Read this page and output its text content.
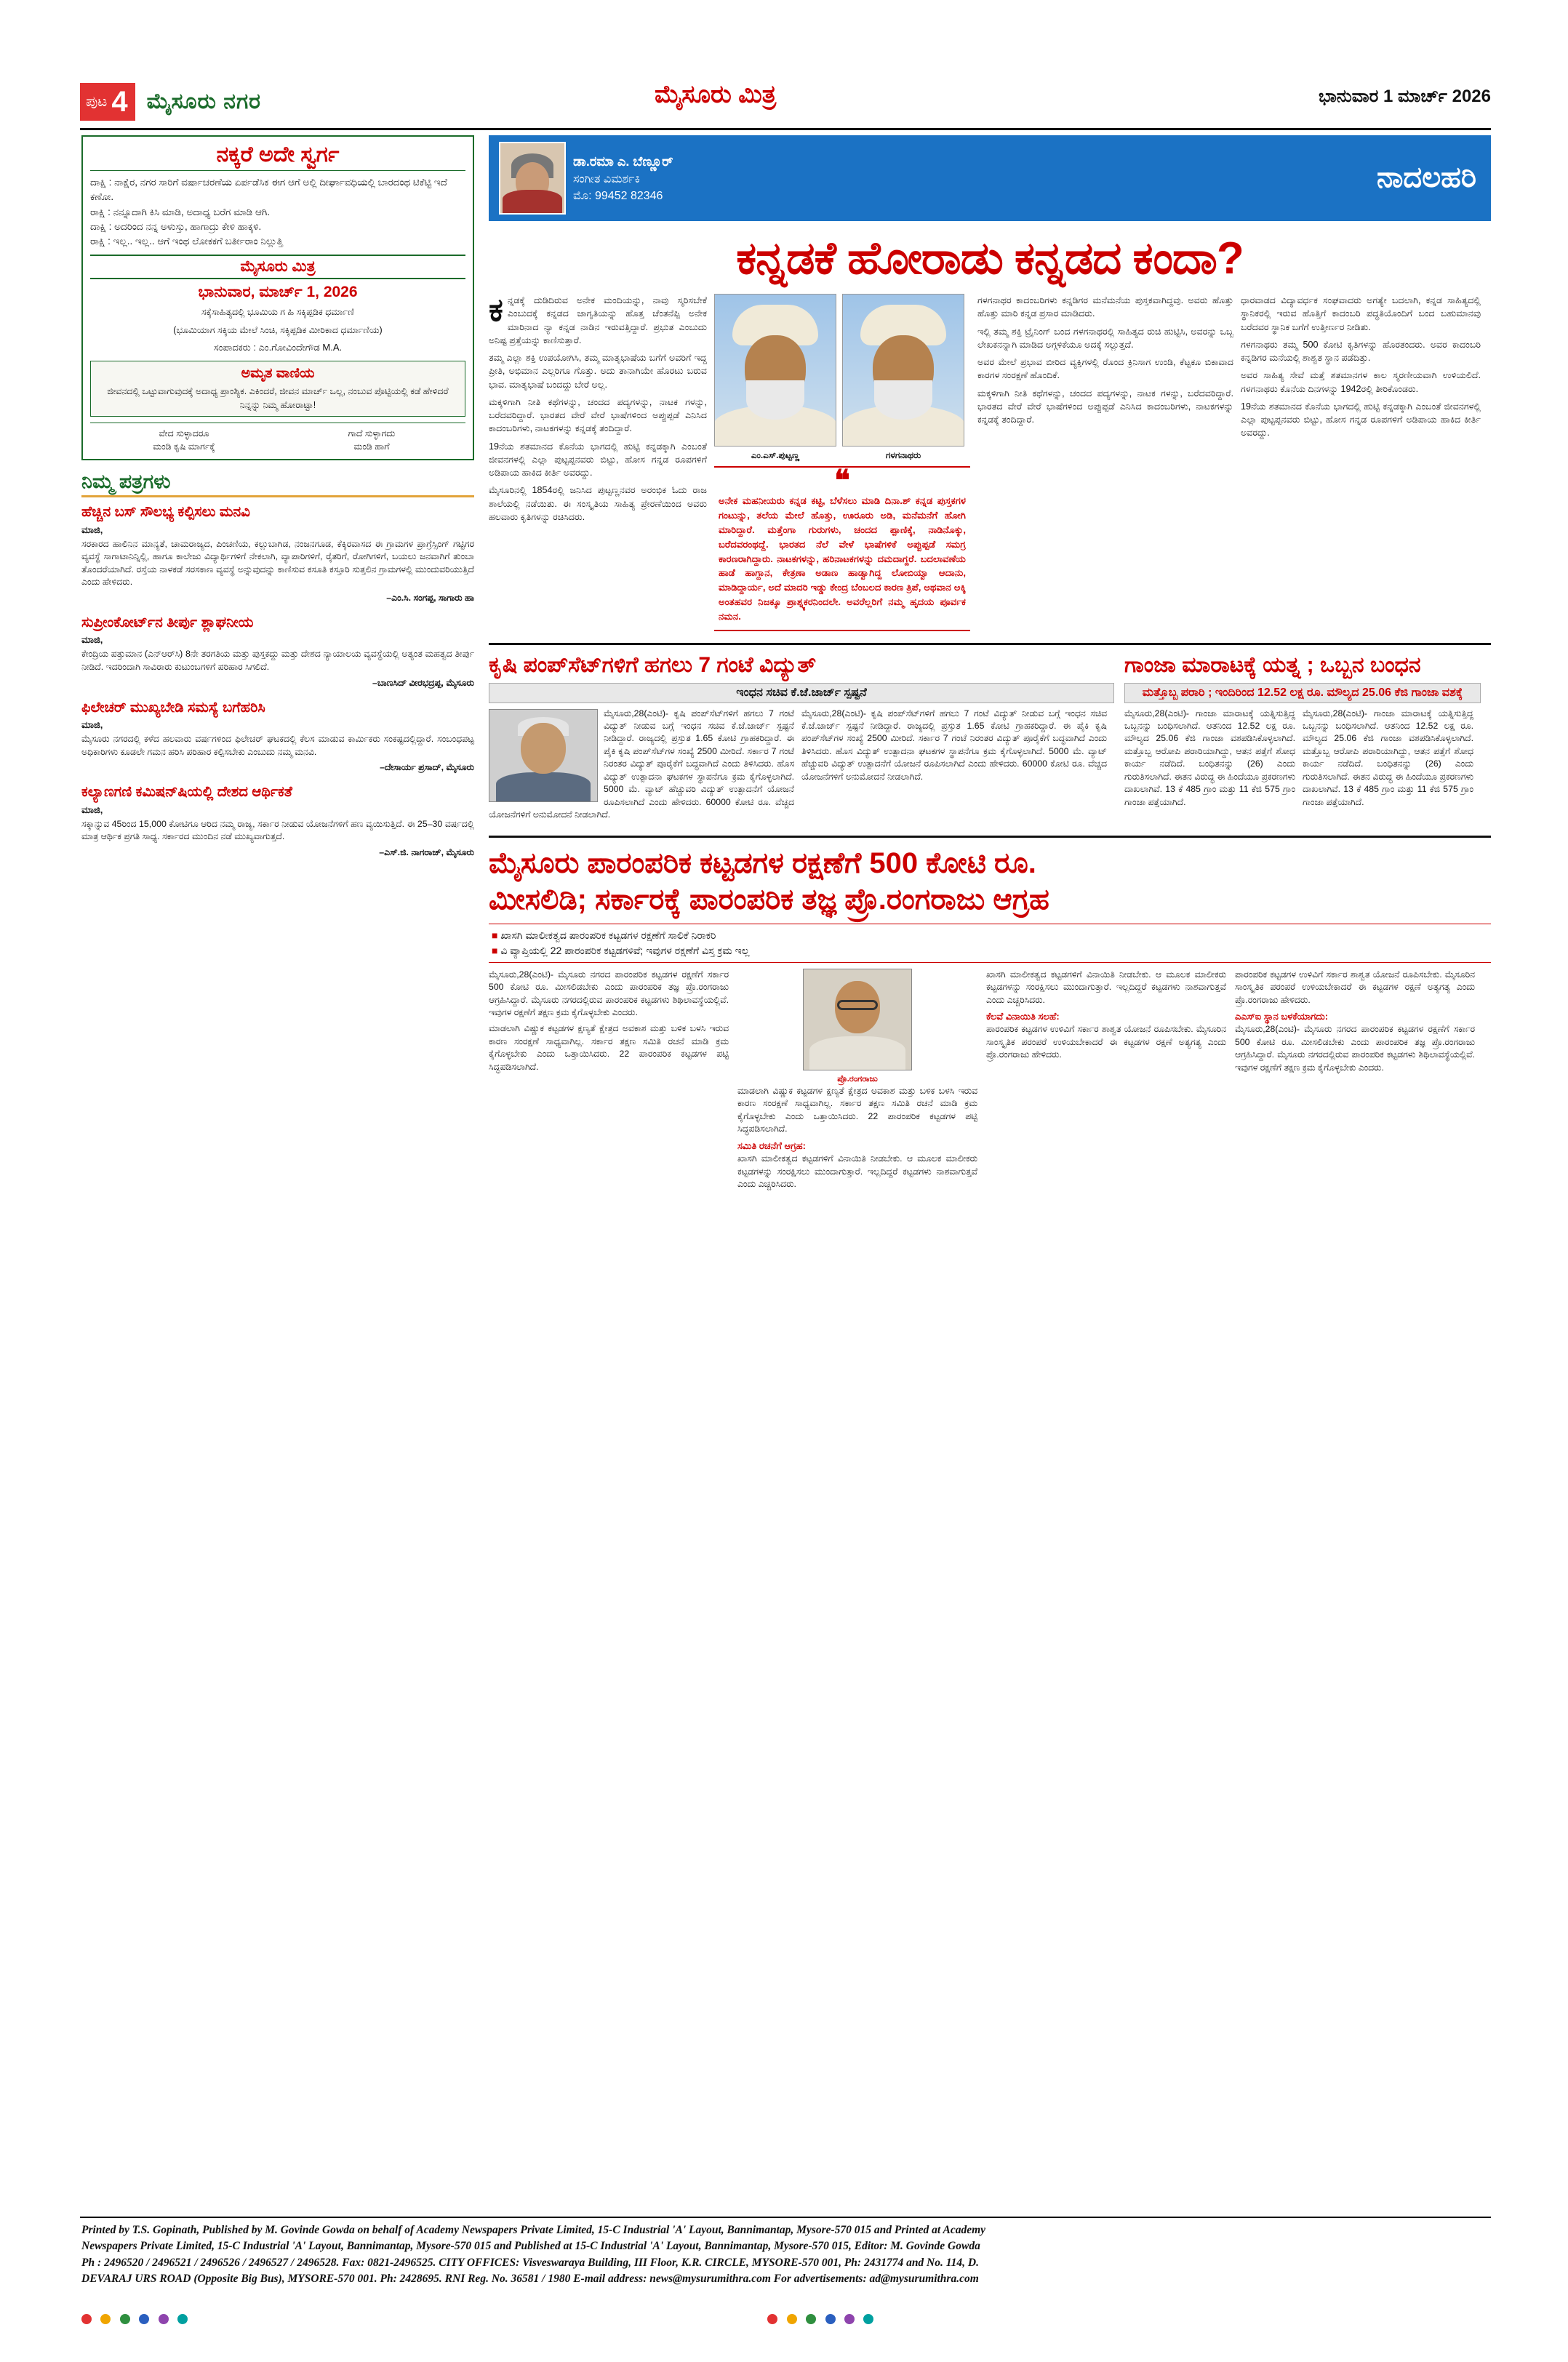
ಪುಟ 4 ಮೈಸೂರು ನಗರ	ಮೈಸೂರು ಮಿತ್ರ	ಭಾನುವಾರ 1 ಮಾರ್ಚ್ 2026
ನಕ್ಕರೆ ಅದೇ ಸ್ವರ್ಗ
ದಾಕ್ಷಿ : ನಾಕ್ಷೆರ, ನಗರ ಸಾರಿಗೆ ವರ್ಷಾಚರಣೆಯ ಏರ್ಪಡೆಸಿಕ ಈಗ ಆಗೆ ಅಲ್ಲಿ ದೀರ್ಘಾವಧಿಯಲ್ಲಿ ಬಾರದಂಥ ಟಿಕೆಟ್ಟಿ ಇದೆ ಕಣೋ.
ರಾಕ್ಷಿ : ನನ್ನೂದಾಗಿ ಕಿಸಿ ಮಾಡಿ, ಅದಾಧ್ಯ ಬರೆಗ ಮಾಡಿ ಆಗಿ.
ದಾಕ್ಷಿ : ಅದರಿಂದ ನನ್ನ ಅಳುಸ್ತು, ಹಾಗಾದ್ರು ಕೇಳಿ ಹಾಕ್ಕಳಿ.
ರಾಕ್ಷಿ : ಇಲ್ಲ.. ಇಲ್ಲ.. ಆಗೆ ಇಂಥ ಲೋಕಕಗೆ ಬರ್ತೀರಾಂ ನಿಲ್ಲುತ್ತಿ
ಮೈಸೂರು ಮಿತ್ರ
ಭಾನುವಾರ, ಮಾರ್ಚ್ 1, 2026
ಸಕ್ಕೆಸಾಹಿತ್ಯದಲ್ಲಿ ಭೂಮಿಯ ಗ ಹಿ ಸಕ್ಕಿಪ್ಪಡಿಕ ಧರ್ಮಾಣಿ
(ಭೂಮಿಯಾಗ ಸಕ್ಕಿಯ ಮೇಲೆ ಸಿಂಚಿ, ಸಕ್ಕಿಪ್ಪಡಿಕ ಮೀರಿಕಾದ ಧರ್ಮಾಣಿಯ)
ಸಂಪಾದಕರು : ಎಂ.ಗೋವಿಂದೇಗೌಡ M.A.
ಅಮೃತ ವಾಣಿಯ
ಜೀವನದಲ್ಲಿ ಒಟ್ಟುವಾಗುವುದಕ್ಕೆ ಅದಾಧ್ಯ ಪ್ರಾಂಶ್ಯಿಕ. ಎಕಿಂದರೆ, ಜೀವನ ಮಾರ್ಚ್ ಒಲ್ಲ, ನಂಬುವ ಪೊಟ್ಟಿಯಲ್ಲಿ ಕಡೆ ಹೇಳಿದರೆ ನಿನ್ನನ್ನು ನಿಮ್ಮ ಹೋರಾಟ್ಟಾ!
ವೇದ ಸುಳ್ಳಾದರೂ
ಮಂಡಿ ಕೃಷಿ ಮಾರ್ಗಕ್ಕೆ
ಗಾದೆ ಸುಳ್ಳಾಗದು
ಮಂಡಿ ಹಾಗೆ
ನಿಮ್ಮ ಪತ್ರಗಳು
ಹೆಚ್ಚಿನ ಬಸ್ ಸೌಲಭ್ಯ ಕಲ್ಪಿಸಲು ಮನವಿ
ಮಾಜಿ,

ಸರಕಾರದ ಹಾಲಿನಿನ ಮಾನ್ಯತೆ, ಚಾಮರಾಜ್ಯದ, ಪಿಂಚಣಿಯ, ಕಲ್ಲುಬಾಗಿಡ, ನಂಜನಗೂಡ, ಕೆಕ್ಕಿರವಾಸದ ಈ ಗ್ರಾಮಗಳ ಪ್ರಾಗ್ರೆಸ್ಸಿಂಗ್ ಗಟ್ಟಿಗರ ವ್ಯವಸ್ಥೆ ಸಾಗಾಟಾನಿನ್ನಿಲ್ಲಿ, ಹಾಗೂ ಕಾಲೇಜು ವಿದ್ಯಾರ್ಥಿಗಳಿಗೆ ನೇಕಲಾಗಿ, ವ್ಯಾಪಾರಿಗಳಿಗೆ, ರೈತರಿಗೆ, ರೋಗಿಗಳಿಗೆ, ಬಯಲು ಜನವಾಗಿಗೆ ತುಂಬಾ ತೊಂದರೆಯಾಗಿದೆ. ರಸ್ತೆಯ ನಾಳಕಡೆ ಸರಸಕಾಣ ವ್ಯವಸ್ಥೆ ಅನ್ನುವುದನ್ನು ಕಾಣಿಸುವ ಕಸೂತಿ ಕಸ್ತೂರಿ ಸುತ್ತಲಿನ ಗ್ರಾಮಗಳಲ್ಲಿ ಮುಂದುವರಿಯುತ್ತಿದೆ ಎಂದು ಹೇಳಿದರು.

–ಎಂ.ಸಿ. ಸಂಗಪ್ಪ, ಸಾಗಾರು ಹಾ
ಸುಪ್ರೀಂಕೋರ್ಟ್‌ನ ತೀರ್ಪು ಶ್ಲಾಘನೀಯ
ಮಾಜಿ,

ಕೇಂದ್ರಿಯ ಪತ್ತುಮಾನ (ಎನ್ಆರ್‌ಸಿ) 8ನೇ ತರಗತಿಯ ಮತ್ತು ಪುಸ್ತಕದ್ದು ಮತ್ತು ದೇಶದ ನ್ಯಾಯಾಲಯ ವ್ಯವಸ್ಥೆಯಲ್ಲಿ ಅತ್ಯಂತ ಮಹತ್ವದ ತೀರ್ಪು ನೀಡಿದೆ. ಇದರಿಂದಾಗಿ ಸಾವಿರಾರು ಕುಟುಂಬಗಳಿಗೆ ಪರಿಹಾರ ಸಿಗಲಿದೆ.

–ಬಾಣಸಿದ್ ವೀರಭದ್ರಪ್ಪ, ಮೈಸೂರು
ಫಿಲೇಚರ್ ಮುಖ್ಯಬೇಡಿ ಸಮಸ್ಯೆ ಬಗೆಹರಿಸಿ
ಮಾಜಿ,

ಮೈಸೂರು ನಗರದಲ್ಲಿ ಕಳೆದ ಹಲವಾರು ವರ್ಷಗಳಿಂದ ಫಿಲೇಚರ್ ಘಟಕದಲ್ಲಿ ಕೆಲಸ ಮಾಡುವ ಕಾರ್ಮಿಕರು ಸಂಕಷ್ಟದಲ್ಲಿದ್ದಾರೆ. ಸಂಬಂಧಪಟ್ಟ ಅಧಿಕಾರಿಗಳು ಕೂಡಲೇ ಗಮನ ಹರಿಸಿ ಪರಿಹಾರ ಕಲ್ಪಿಸಬೇಕು ಎಂಬುದು ನಮ್ಮ ಮನವಿ.

–ದೇಸಾರ್ಯ ಪ್ರಸಾದ್, ಮೈಸೂರು
ಕಲ್ಯಾಣಗಣಿ ಕಮಿಷನ್‌ಷಿಯಲ್ಲಿ ದೇಶದ ಆರ್ಥಿಕತೆ
ಮಾಜಿ,

ಸಕ್ಕಾನ್ನುವ 45ರಿಂದ 15,000 ಕೋಟಿಗೂ ಆರಿದ ನಮ್ಮ ರಾಜ್ಯ, ಸರ್ಕಾರ ನೀಡುವ ಯೋಜನೆಗಳಿಗೆ ಹಣ ವ್ಯಯಿಸುತ್ತಿದೆ. ಈ 25–30 ವರ್ಷದಲ್ಲಿ ಮಾತ್ರ ಆರ್ಥಿಕ ಪ್ರಗತಿ ಸಾಧ್ಯ. ಸರ್ಕಾರದ ಮುಂದಿನ ನಡೆ ಮುಖ್ಯವಾಗುತ್ತದೆ.

–ಎಸ್.ಜಿ. ನಾಗರಾಜ್, ಮೈಸೂರು
ಡಾ.ರಮಾ ಎ. ಬೆಣ್ಣೂರ್
ಸಂಗೀತ ವಿಮರ್ಶಕಿ
ಮೊ: 99452 82346
ನಾದಲಹರಿ
ಕನ್ನಡಕೆ ಹೋರಾಡು ಕನ್ನಡದ ಕಂದಾ?

ಕನ್ನಡಕ್ಕೆ ದುಡಿದಿರುವ ಅನೇಕ ಮಂದಿಯನ್ನು, ನಾವು ಸ್ಮರಿಸಬೇಕೆ ಎಂಬುದಕ್ಕೆ ಕನ್ನಡದ ಜಾಗೃತಿಯನ್ನು ಹೊತ್ತ ಚೆಂತನೆಪ್ಪಿ ಅನೇಕ ಮಾರಿನಾದ ನ್ಯಾ ಕನ್ನಡ ನಾಡಿನ ಇರುವತ್ತಿದ್ದಾರೆ. ಪ್ರಭುತ ಎಂಬುದು ಅನಿಷ್ಟ ಪ್ರತ್ತೆಯನ್ನು ಕಾಣಿಸುತ್ತಾರೆ.

ತಮ್ಮ ಎಲ್ಲಾ ಶಕ್ತಿ ಉಪಯೋಗಿಸಿ, ತಮ್ಮ ಮಾತೃಭಾಷೆಯ ಬಗೆಗೆ ಅವರಿಗೆ ಇದ್ದ ಪ್ರೀತಿ, ಅಭಿಮಾನ ಎಲ್ಲರಿಗೂ ಗೊತ್ತು. ಅದು ತಾನಾಗಿಯೇ ಹೊರಟು ಬರುವ ಭಾವ. ಮಾತೃಭಾಷೆ ಬಂದದ್ದು ಬೇರೆ ಅಲ್ಲ.

ಮಕ್ಕಳಿಗಾಗಿ ನೀತಿ ಕಥೆಗಳನ್ನು, ಚಂದದ ಪದ್ಯಗಳನ್ನು, ನಾಟಕ ಗಳನ್ನು, ಬರೆದವರಿದ್ದಾರೆ. ಭಾರತದ ವೇರೆ ವೇರೆ ಭಾಷೆಗಳಿಂದ ಅಪ್ಪುಪ್ಪಡೆ ಎನಿಸಿದ ಕಾದಂಬರಿಗಳು, ನಾಟಕಗಳನ್ನು ಕನ್ನಡಕ್ಕೆ ತಂದಿದ್ದಾರೆ.

19ನೆಯ ಶತಮಾನದ ಕೊನೆಯ ಭಾಗದಲ್ಲಿ ಹುಟ್ಟಿ ಕನ್ನಡಕ್ಕಾಗಿ ಎಂಬಂತೆ ಜೀವನಗಳಲ್ಲಿ ಎಲ್ಲಾ ಪುಟ್ಟಪ್ಪನವರು ಬಿಟ್ಟು, ಹೋಸ ಗನ್ನಡ ರೂಪಗಳಿಗೆ ಅಡಿಪಾಯ ಹಾಕಿದ ಕೀರ್ತಿ ಅವರದ್ದು.

ಮೈಸೂರಿನಲ್ಲಿ 1854ರಲ್ಲಿ ಜನಿಸಿದ ಪುಟ್ಟಣ್ಣನವರ ಅರಂಭಿಕ ಓದು ರಾಜ ಶಾಲೆಯಲ್ಲಿ ನಡೆಯಿತು. ಈ ಸಂಸ್ಕೃತಿಯ ಸಾಹಿತ್ಯ ಪ್ರೇರಣೆಯಿಂದ ಅವರು ಹಲವಾರು ಕೃತಿಗಳನ್ನು ರಚಿಸಿದರು.

ಎಂ.ಎಸ್.ಪುಟ್ಟಣ್ಣ	ಗಳಗನಾಥರು
❝

ಅನೇಕ ಮಹನೀಯರು ಕನ್ನಡ ಕಟ್ಟಿ, ಬೆಳೆಸಲು ಮಾಡಿ ದಿನಾ.ಶ್ ಕನ್ನಡ ಪುಸ್ತಕಗಳ ಗಂಟುನ್ನು, ತಲೆಯ ಮೇಲೆ ಹೊತ್ತು, ಊರೂರು ಅಡಿ, ಮನೆಮನೆಗೆ ಹೋಗಿ ಮಾರಿದ್ದಾರೆ. ಮತ್ತೆಂಗಾ ಗುರುಗಳು, ಚಂದದ ಪ್ಪಾಣಿಕ್ಕೆ, ನಾಡಿನೊಕ್ಕು, ಬರೆದವರಂಥದ್ದೆ. ಭಾರತದ ನೆಲೆ ವೇಳೆ ಭಾಷೆಗಳಿಕೆ ಅಪ್ಪುಪ್ಪಡೆ ಸಮಗ್ರ ಕಾರಣರಾಗಿದ್ದಾರು. ನಾಟಕಗಳನ್ನು, ಹರಿನಾಟಕಗಳನ್ನು ದಮದಾಗ್ದರೆ. ಬದಲಾವಣೆಯ ಹಾಡೆ ಹಾಗ್ದಾನ, ಕೇತ್ರಣಾ ಅಡಾಣ ಹಾಡ್ವಾಗಿದ್ದ ಲೋಬಿಯ್ವಾ ಆದಾನು, ಮಾಡಿದ್ದಾರ್ಯ, ಅದೆ ಮಾದರಿ ಇಡ್ಡು ಕೇಂದ್ರ ಬೆಂಬಲದ ಕಾರಣ ತ್ರಿಪೆ, ಅಥವಾನ ಅಕ್ಕಿ ಅಂತಹವರ ನಿಜಕ್ಕೂ ಪ್ರಾಶ್ನ್ಯಕರನಿಂದಲೇ. ಅವರೆಲ್ಲರಿಗೆ ನಮ್ಮ ಹೃದಯ ಪೂರ್ವಕ ನಮನ.

ಗಳಗನಾಥರ ಕಾದಂಬರಿಗಳು ಕನ್ನಡಿಗರ ಮನೆಮನೆಯ ಪುಸ್ತಕವಾಗಿದ್ದವು. ಅವರು ಹೊತ್ತು ಹೊತ್ತು ಮಾರಿ ಕನ್ನಡ ಪ್ರಸಾರ ಮಾಡಿದರು.

ಇಲ್ಲಿ ತಮ್ಮ ಶಕ್ತಿ ಟ್ರೈನಿಂಗ್ ಬಂದ ಗಳಗನಾಥರಲ್ಲಿ ಸಾಹಿತ್ಯದ ರುಚಿ ಹುಟ್ಟಿಸಿ, ಅವರನ್ನು ಒಬ್ಬ ಲೇಖಕನನ್ನಾಗಿ ಮಾಡಿದ ಅಗ್ಗಳಿಕೆಯೂ ಅದಕ್ಕೆ ಸಲ್ಲುತ್ತದೆ.

ಅವರ ಮೇಲೆ ಪ್ರಭಾವ ಬೀರಿದ ವ್ಯಕ್ತಿಗಳಲ್ಲಿ ರೊಂದ ಕ್ರಿನಿಸಾಗ ಉಂಡಿ, ಕೆಟ್ಟಕೂ ಬಿಕಾವಾದ ಕಾರಗಳ ಸಂರಕ್ಷಣೆ ಹೊಂದಿಕೆ.

ಮಕ್ಕಳಿಗಾಗಿ ನೀತಿ ಕಥೆಗಳನ್ನು, ಚಂದದ ಪದ್ಯಗಳನ್ನು, ನಾಟಕ ಗಳನ್ನು, ಬರೆದವರಿದ್ದಾರೆ. ಭಾರತದ ವೇರೆ ವೇರೆ ಭಾಷೆಗಳಿಂದ ಅಪ್ಪುಪ್ಪಡೆ ಎನಿಸಿದ ಕಾದಂಬರಿಗಳು, ನಾಟಕಗಳನ್ನು ಕನ್ನಡಕ್ಕೆ ತಂದಿದ್ದಾರೆ.

ಧಾರವಾಡದ ವಿದ್ಯಾವರ್ಧಕ ಸಂಘವಾದರು ಅಗತ್ಯೇ ಬದಲಾಗಿ, ಕನ್ನಡ ಸಾಹಿತ್ಯದಲ್ಲಿ ಸ್ಥಾನಿಕರಲ್ಲಿ ಇರುವ ಹೊತ್ತಿಗೆ ಕಾದಂಬರಿ ಪದ್ಧತಿಯೊಂದಿಗೆ ಬಂದ ಬಹುಮಾನವು ಬರೆದವರ ಸ್ಥಾನಿಕ ಬಗೆಗೆ ಉತ್ತೀರ್ಣರ ನೀಡಿತು.

ಗಳಗನಾಥರು ತಮ್ಮ 500 ಕೋಟಿ ಕೃತಿಗಳನ್ನು ಹೊರತಂದರು. ಅವರ ಕಾದಂಬರಿ ಕನ್ನಡಿಗರ ಮನೆಯಲ್ಲಿ ಶಾಶ್ವತ ಸ್ಥಾನ ಪಡೆದಿತ್ತು.

ಅವರ ಸಾಹಿತ್ಯ ಸೇವೆ ಮತ್ತೆ ಶತಮಾನಗಳ ಕಾಲ ಸ್ಮರಣೀಯವಾಗಿ ಉಳಿಯಲಿದೆ. ಗಳಗನಾಥರು ಕೊನೆಯ ದಿನಗಳನ್ನು 1942ರಲ್ಲಿ ತೀರಿಕೊಂಡರು.

19ನೆಯ ಶತಮಾನದ ಕೊನೆಯ ಭಾಗದಲ್ಲಿ ಹುಟ್ಟಿ ಕನ್ನಡಕ್ಕಾಗಿ ಎಂಬಂತೆ ಜೀವನಗಳಲ್ಲಿ ಎಲ್ಲಾ ಪುಟ್ಟಪ್ಪನವರು ಬಿಟ್ಟು, ಹೋಸ ಗನ್ನಡ ರೂಪಗಳಿಗೆ ಅಡಿಪಾಯ ಹಾಕಿದ ಕೀರ್ತಿ ಅವರದ್ದು.

ಕೃಷಿ ಪಂಪ್‌ಸೆಟ್‌ಗಳಿಗೆ ಹಗಲು 7 ಗಂಟೆ ವಿದ್ಯುತ್
ಇಂಧನ ಸಚಿವ ಕೆ.ಜೆ.ಜಾರ್ಜ್ ಸ್ಪಷ್ಟನೆ

ಮೈಸೂರು,28(ಎಂಟಿ)- ಕೃಷಿ ಪಂಪ್‌ಸೆಟ್‌ಗಳಿಗೆ ಹಗಲು 7 ಗಂಟೆ ವಿದ್ಯುತ್ ನೀಡುವ ಬಗ್ಗೆ ಇಂಧನ ಸಚಿವ ಕೆ.ಜೆ.ಜಾರ್ಜ್ ಸ್ಪಷ್ಟನೆ ನೀಡಿದ್ದಾರೆ. ರಾಜ್ಯದಲ್ಲಿ ಪ್ರಸ್ತುತ 1.65 ಕೋಟಿ ಗ್ರಾಹಕರಿದ್ದಾರೆ. ಈ ಪೈಕಿ ಕೃಷಿ ಪಂಪ್‌ಸೆಟ್‌ಗಳ ಸಂಖ್ಯೆ 2500 ಮೀರಿದೆ. ಸರ್ಕಾರ 7 ಗಂಟೆ ನಿರಂತರ ವಿದ್ಯುತ್ ಪೂರೈಕೆಗೆ ಬದ್ಧವಾಗಿದೆ ಎಂದು ತಿಳಿಸಿದರು. ಹೊಸ ವಿದ್ಯುತ್ ಉತ್ಪಾದನಾ ಘಟಕಗಳ ಸ್ಥಾಪನೆಗೂ ಕ್ರಮ ಕೈಗೊಳ್ಳಲಾಗಿದೆ. 5000 ಮೆ. ವ್ಯಾಟ್ ಹೆಚ್ಚುವರಿ ವಿದ್ಯುತ್ ಉತ್ಪಾದನೆಗೆ ಯೋಜನೆ ರೂಪಿಸಲಾಗಿದೆ ಎಂದು ಹೇಳಿದರು. 60000 ಕೋಟಿ ರೂ. ವೆಚ್ಚದ ಯೋಜನೆಗಳಿಗೆ ಅನುಮೋದನೆ ನೀಡಲಾಗಿದೆ.

ಮೈಸೂರು,28(ಎಂಟಿ)- ಕೃಷಿ ಪಂಪ್‌ಸೆಟ್‌ಗಳಿಗೆ ಹಗಲು 7 ಗಂಟೆ ವಿದ್ಯುತ್ ನೀಡುವ ಬಗ್ಗೆ ಇಂಧನ ಸಚಿವ ಕೆ.ಜೆ.ಜಾರ್ಜ್ ಸ್ಪಷ್ಟನೆ ನೀಡಿದ್ದಾರೆ. ರಾಜ್ಯದಲ್ಲಿ ಪ್ರಸ್ತುತ 1.65 ಕೋಟಿ ಗ್ರಾಹಕರಿದ್ದಾರೆ. ಈ ಪೈಕಿ ಕೃಷಿ ಪಂಪ್‌ಸೆಟ್‌ಗಳ ಸಂಖ್ಯೆ 2500 ಮೀರಿದೆ. ಸರ್ಕಾರ 7 ಗಂಟೆ ನಿರಂತರ ವಿದ್ಯುತ್ ಪೂರೈಕೆಗೆ ಬದ್ಧವಾಗಿದೆ ಎಂದು ತಿಳಿಸಿದರು. ಹೊಸ ವಿದ್ಯುತ್ ಉತ್ಪಾದನಾ ಘಟಕಗಳ ಸ್ಥಾಪನೆಗೂ ಕ್ರಮ ಕೈಗೊಳ್ಳಲಾಗಿದೆ. 5000 ಮೆ. ವ್ಯಾಟ್ ಹೆಚ್ಚುವರಿ ವಿದ್ಯುತ್ ಉತ್ಪಾದನೆಗೆ ಯೋಜನೆ ರೂಪಿಸಲಾಗಿದೆ ಎಂದು ಹೇಳಿದರು. 60000 ಕೋಟಿ ರೂ. ವೆಚ್ಚದ ಯೋಜನೆಗಳಿಗೆ ಅನುಮೋದನೆ ನೀಡಲಾಗಿದೆ.

ಗಾಂಜಾ ಮಾರಾಟಕ್ಕೆ ಯತ್ನ ; ಒಬ್ಬನ ಬಂಧನ
ಮತ್ತೊಬ್ಬ ಪರಾರಿ ; ಇಂದಿರಿಂದ 12.52 ಲಕ್ಷ ರೂ. ಮೌಲ್ಯದ 25.06 ಕೆಜಿ ಗಾಂಜಾ ವಶಕ್ಕೆ

ಮೈಸೂರು,28(ಎಂಟಿ)- ಗಾಂಜಾ ಮಾರಾಟಕ್ಕೆ ಯತ್ನಿಸುತ್ತಿದ್ದ ಒಬ್ಬನನ್ನು ಬಂಧಿಸಲಾಗಿದೆ. ಆತನಿಂದ 12.52 ಲಕ್ಷ ರೂ. ಮೌಲ್ಯದ 25.06 ಕೆಜಿ ಗಾಂಜಾ ವಶಪಡಿಸಿಕೊಳ್ಳಲಾಗಿದೆ. ಮತ್ತೊಬ್ಬ ಆರೋಪಿ ಪರಾರಿಯಾಗಿದ್ದು, ಆತನ ಪತ್ತೆಗೆ ಶೋಧ ಕಾರ್ಯ ನಡೆದಿದೆ. ಬಂಧಿತನನ್ನು (26) ಎಂದು ಗುರುತಿಸಲಾಗಿದೆ. ಈತನ ವಿರುದ್ಧ ಈ ಹಿಂದೆಯೂ ಪ್ರಕರಣಗಳು ದಾಖಲಾಗಿವೆ. 13 ಕೆ 485 ಗ್ರಾಂ ಮತ್ತು 11 ಕೆಜಿ 575 ಗ್ರಾಂ ಗಾಂಜಾ ಪತ್ತೆಯಾಗಿದೆ.

ಮೈಸೂರು,28(ಎಂಟಿ)- ಗಾಂಜಾ ಮಾರಾಟಕ್ಕೆ ಯತ್ನಿಸುತ್ತಿದ್ದ ಒಬ್ಬನನ್ನು ಬಂಧಿಸಲಾಗಿದೆ. ಆತನಿಂದ 12.52 ಲಕ್ಷ ರೂ. ಮೌಲ್ಯದ 25.06 ಕೆಜಿ ಗಾಂಜಾ ವಶಪಡಿಸಿಕೊಳ್ಳಲಾಗಿದೆ. ಮತ್ತೊಬ್ಬ ಆರೋಪಿ ಪರಾರಿಯಾಗಿದ್ದು, ಆತನ ಪತ್ತೆಗೆ ಶೋಧ ಕಾರ್ಯ ನಡೆದಿದೆ. ಬಂಧಿತನನ್ನು (26) ಎಂದು ಗುರುತಿಸಲಾಗಿದೆ. ಈತನ ವಿರುದ್ಧ ಈ ಹಿಂದೆಯೂ ಪ್ರಕರಣಗಳು ದಾಖಲಾಗಿವೆ. 13 ಕೆ 485 ಗ್ರಾಂ ಮತ್ತು 11 ಕೆಜಿ 575 ಗ್ರಾಂ ಗಾಂಜಾ ಪತ್ತೆಯಾಗಿದೆ.

ಮೈಸೂರು ಪಾರಂಪರಿಕ ಕಟ್ಟಡಗಳ ರಕ್ಷಣೆಗೆ 500 ಕೋಟಿ ರೂ.
ಮೀಸಲಿಡಿ; ಸರ್ಕಾರಕ್ಕೆ ಪಾರಂಪರಿಕ ತಜ್ಞ ಪ್ರೊ.ರಂಗರಾಜು ಆಗ್ರಹ
■ ಖಾಸಗಿ ಮಾಲೀಕತ್ವದ ಪಾರಂಪರಿಕ ಕಟ್ಟಡಗಳ ರಕ್ಷಣೆಗೆ ಸಾಲಿಕೆ ನಿರಾಕರಿ
■ ವಿ ವ್ಯಾಪ್ತಿಯಲ್ಲಿ 22 ಪಾರಂಪರಿಕ ಕಟ್ಟಡಗಳಿವೆ; ಇವುಗಳ ರಕ್ಷಣೆಗೆ ವಿಸ್ತ ಕ್ರಮ ಇಲ್ಲ

ಮೈಸೂರು,28(ಎಂಟಿ)- ಮೈಸೂರು ನಗರದ ಪಾರಂಪರಿಕ ಕಟ್ಟಡಗಳ ರಕ್ಷಣೆಗೆ ಸರ್ಕಾರ 500 ಕೋಟಿ ರೂ. ಮೀಸಲಿಡಬೇಕು ಎಂದು ಪಾರಂಪರಿಕ ತಜ್ಞ ಪ್ರೊ.ರಂಗರಾಜು ಆಗ್ರಹಿಸಿದ್ದಾರೆ. ಮೈಸೂರು ನಗರದಲ್ಲಿರುವ ಪಾರಂಪರಿಕ ಕಟ್ಟಡಗಳು ಶಿಥಿಲಾವಸ್ಥೆಯಲ್ಲಿವೆ. ಇವುಗಳ ರಕ್ಷಣೆಗೆ ತಕ್ಷಣ ಕ್ರಮ ಕೈಗೊಳ್ಳಬೇಕು ಎಂದರು.

ಮಾಡಲಾಗಿ ವಿಷ್ಣುಕ ಕಟ್ಟಡಗಳ ಕ್ಷಣ್ಯತೆ ಕ್ಷೇತ್ರದ ಅವಕಾಶ ಮತ್ತು ಬಳಿಕ ಬಳಸಿ ಇರುವ ಕಾರಣ ಸಂರಕ್ಷಣೆ ಸಾಧ್ಯವಾಗಿಲ್ಲ. ಸರ್ಕಾರ ತಕ್ಷಣ ಸಮಿತಿ ರಚನೆ ಮಾಡಿ ಕ್ರಮ ಕೈಗೊಳ್ಳಬೇಕು ಎಂದು ಒತ್ತಾಯಿಸಿದರು. 22 ಪಾರಂಪರಿಕ ಕಟ್ಟಡಗಳ ಪಟ್ಟಿ ಸಿದ್ಧಪಡಿಸಲಾಗಿದೆ.

ಪ್ರೊ.ರಂಗರಾಜು

ಮಾಡಲಾಗಿ ವಿಷ್ಣುಕ ಕಟ್ಟಡಗಳ ಕ್ಷಣ್ಯತೆ ಕ್ಷೇತ್ರದ ಅವಕಾಶ ಮತ್ತು ಬಳಿಕ ಬಳಸಿ ಇರುವ ಕಾರಣ ಸಂರಕ್ಷಣೆ ಸಾಧ್ಯವಾಗಿಲ್ಲ. ಸರ್ಕಾರ ತಕ್ಷಣ ಸಮಿತಿ ರಚನೆ ಮಾಡಿ ಕ್ರಮ ಕೈಗೊಳ್ಳಬೇಕು ಎಂದು ಒತ್ತಾಯಿಸಿದರು. 22 ಪಾರಂಪರಿಕ ಕಟ್ಟಡಗಳ ಪಟ್ಟಿ ಸಿದ್ಧಪಡಿಸಲಾಗಿದೆ.

ಸಮಿತಿ ರಚನೆಗೆ ಆಗ್ರಹ:

ಖಾಸಗಿ ಮಾಲೀಕತ್ವದ ಕಟ್ಟಡಗಳಿಗೆ ವಿನಾಯಿತಿ ನೀಡಬೇಕು. ಆ ಮೂಲಕ ಮಾಲೀಕರು ಕಟ್ಟಡಗಳನ್ನು ಸಂರಕ್ಷಿಸಲು ಮುಂದಾಗುತ್ತಾರೆ. ಇಲ್ಲದಿದ್ದರೆ ಕಟ್ಟಡಗಳು ನಾಶವಾಗುತ್ತವೆ ಎಂದು ಎಚ್ಚರಿಸಿದರು.

ಖಾಸಗಿ ಮಾಲೀಕತ್ವದ ಕಟ್ಟಡಗಳಿಗೆ ವಿನಾಯಿತಿ ನೀಡಬೇಕು. ಆ ಮೂಲಕ ಮಾಲೀಕರು ಕಟ್ಟಡಗಳನ್ನು ಸಂರಕ್ಷಿಸಲು ಮುಂದಾಗುತ್ತಾರೆ. ಇಲ್ಲದಿದ್ದರೆ ಕಟ್ಟಡಗಳು ನಾಶವಾಗುತ್ತವೆ ಎಂದು ಎಚ್ಚರಿಸಿದರು.

ಕೆಲವೆ ವಿನಾಯಿತಿ ಸಲಹೆ:

ಪಾರಂಪರಿಕ ಕಟ್ಟಡಗಳ ಉಳಿವಿಗೆ ಸರ್ಕಾರ ಶಾಶ್ವತ ಯೋಜನೆ ರೂಪಿಸಬೇಕು. ಮೈಸೂರಿನ ಸಾಂಸ್ಕೃತಿಕ ಪರಂಪರೆ ಉಳಿಯಬೇಕಾದರೆ ಈ ಕಟ್ಟಡಗಳ ರಕ್ಷಣೆ ಅತ್ಯಗತ್ಯ ಎಂದು ಪ್ರೊ.ರಂಗರಾಜು ಹೇಳಿದರು.

ಪಾರಂಪರಿಕ ಕಟ್ಟಡಗಳ ಉಳಿವಿಗೆ ಸರ್ಕಾರ ಶಾಶ್ವತ ಯೋಜನೆ ರೂಪಿಸಬೇಕು. ಮೈಸೂರಿನ ಸಾಂಸ್ಕೃತಿಕ ಪರಂಪರೆ ಉಳಿಯಬೇಕಾದರೆ ಈ ಕಟ್ಟಡಗಳ ರಕ್ಷಣೆ ಅತ್ಯಗತ್ಯ ಎಂದು ಪ್ರೊ.ರಂಗರಾಜು ಹೇಳಿದರು.

ಎಎಸ್ಐ ಸ್ಥಾನ ಬಳಕೆಯಾಗದು:

ಮೈಸೂರು,28(ಎಂಟಿ)- ಮೈಸೂರು ನಗರದ ಪಾರಂಪರಿಕ ಕಟ್ಟಡಗಳ ರಕ್ಷಣೆಗೆ ಸರ್ಕಾರ 500 ಕೋಟಿ ರೂ. ಮೀಸಲಿಡಬೇಕು ಎಂದು ಪಾರಂಪರಿಕ ತಜ್ಞ ಪ್ರೊ.ರಂಗರಾಜು ಆಗ್ರಹಿಸಿದ್ದಾರೆ. ಮೈಸೂರು ನಗರದಲ್ಲಿರುವ ಪಾರಂಪರಿಕ ಕಟ್ಟಡಗಳು ಶಿಥಿಲಾವಸ್ಥೆಯಲ್ಲಿವೆ. ಇವುಗಳ ರಕ್ಷಣೆಗೆ ತಕ್ಷಣ ಕ್ರಮ ಕೈಗೊಳ್ಳಬೇಕು ಎಂದರು.

Printed by T.S. Gopinath, Published by M. Govinde Gowda on behalf of Academy Newspapers Private Limited, 15-C Industrial 'A' Layout, Bannimantap, Mysore-570 015 and Printed at Academy
Newspapers Private Limited, 15-C Industrial 'A' Layout, Bannimantap, Mysore-570 015 and Published at 15-C Industrial 'A' Layout, Bannimantap, Mysore-570 015, Editor: M. Govinde Gowda
Ph : 2496520 / 2496521 / 2496526 / 2496527 / 2496528. Fax: 0821-2496525. CITY OFFICES: Visveswaraya Building, III Floor, K.R. CIRCLE, MYSORE-570 001, Ph: 2431774 and No. 114, D.
DEVARAJ URS ROAD (Opposite Big Bus), MYSORE-570 001. Ph: 2428695. RNI Reg. No. 36581 / 1980 E-mail address: news@mysurumithra.com For advertisements: ad@mysurumithra.com
